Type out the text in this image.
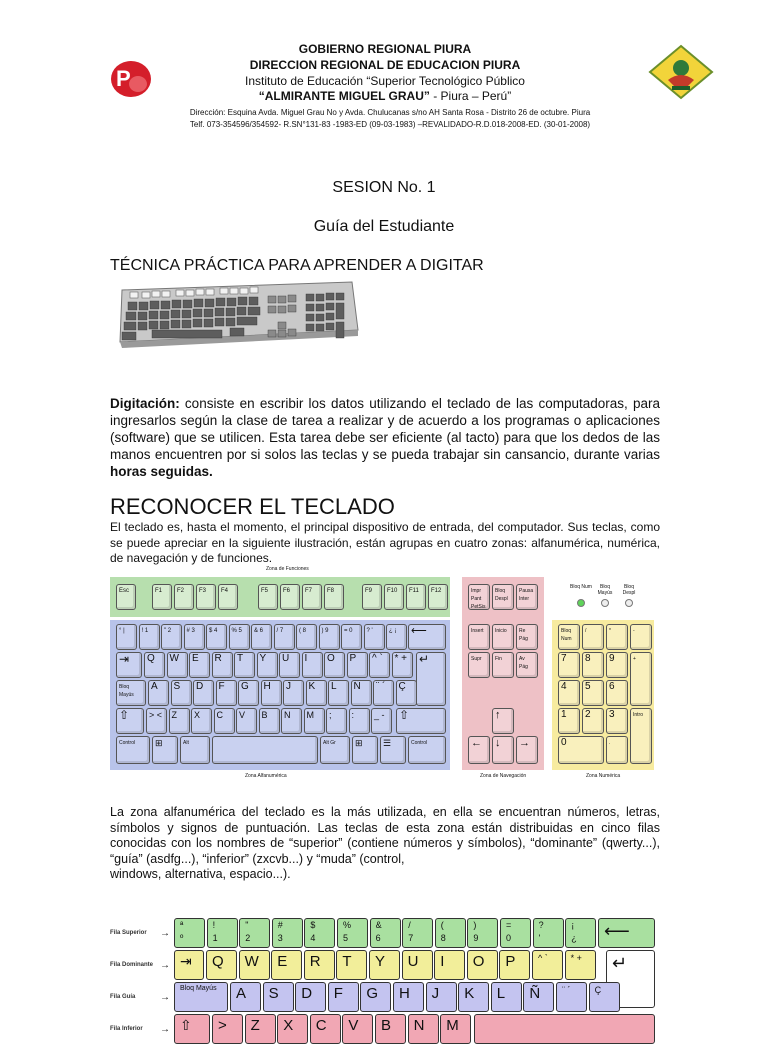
P
GOBIERNO REGIONAL PIURA
DIRECCION REGIONAL DE EDUCACION PIURA
Instituto de Educación “Superior Tecnológico Público
“ALMIRANTE MIGUEL GRAU” - Piura – Perú”
Dirección: Esquina Avda. Miguel Grau No y Avda. Chulucanas s/no AH Santa Rosa - Distrito 26 de octubre. Piura
Telf. 073-354596/354592- R.SN°131-83 -1983-ED (09-03-1983) –REVALIDADO-R.D.018-2008-ED. (30-01-2008)
SESION No. 1
Guía del Estudiante
TÉCNICA PRÁCTICA PARA APRENDER A DIGITAR
Digitación: consiste en escribir los datos utilizando el teclado de las computadoras, para ingresarlos según la clase de tarea a realizar y de acuerdo a los programas o aplicaciones (software) que se utilicen. Esta tarea debe ser eficiente (al tacto) para que los dedos de las manos encuentren por si solos las teclas y se pueda trabajar sin cansancio, durante varias horas seguidas.
RECONOCER EL TECLADO
El teclado es, hasta el momento, el principal dispositivo de entrada, del computador. Sus teclas, como se puede apreciar en la siguiente ilustración, están agrupas en cuatro zonas: alfanumérica, numérica, de navegación y de funciones.
Zona de Funciones
Zona Alfanumérica	Zona de Navegación	Zona Numérica
Esc	F1	F2	F3	F4	F5	F6	F7	F8	F9	F10	F11	F12
° |	! 1	" 2	# 3	$ 4	% 5	& 6	/ 7	( 8	) 9	= 0	? '	¿ ¡	⟵
⇥	Q	W	E	R	T	Y	U	I	O	P	^ `	* + ↵
Bloq Mayús
A	S	D	F	G	H	J	K	L	Ñ	¨ ´	Ç
⇧	> <	Z	X	C	V	B	N	M	;	:	_ -	⇧
Control	⊞	Alt	Alt Gr	⊞	☰	Control
Impr Pant PetSis
Bloq Despl
Pausa Inter
Insert	Inicio	Re Pág
Supr	Fin	Av Pág
↑
←	↓	→
Bloq Num	Bloq Mayús
Bloq Despl
Bloq Num
/	*	-
7	8	9	+
4	5	6
1	2	3	Intro
0	.
La zona alfanumérica del teclado es la más utilizada, en ella se encuentran números, letras, símbolos y signos de puntuación. Las teclas de esta zona están distribuidas en cinco filas conocidas con los nombres de “superior” (contiene números y símbolos), “dominante” (qwerty...), “guía” (asdfg...), “inferior” (zxcvb...) y “muda” (control,
windows, alternativa, espacio...).
Fila Superior →
Fila Dominante →
Fila Guía →
Fila Inferior →
ª
º
!
1
"
2
#
3
$
4
%
5
&
6
/
7
(
8
)
9
=
0
?
'
¡
¿	⟵
⇥	Q	W	E	R	T	Y	U	I	O	P	^ `	* +	↵
Bloq Mayús	A	S	D	F	G	H	J	K	L	Ñ	¨ ´	Ç
⇧	>	Z	X	C	V	B	N	M
